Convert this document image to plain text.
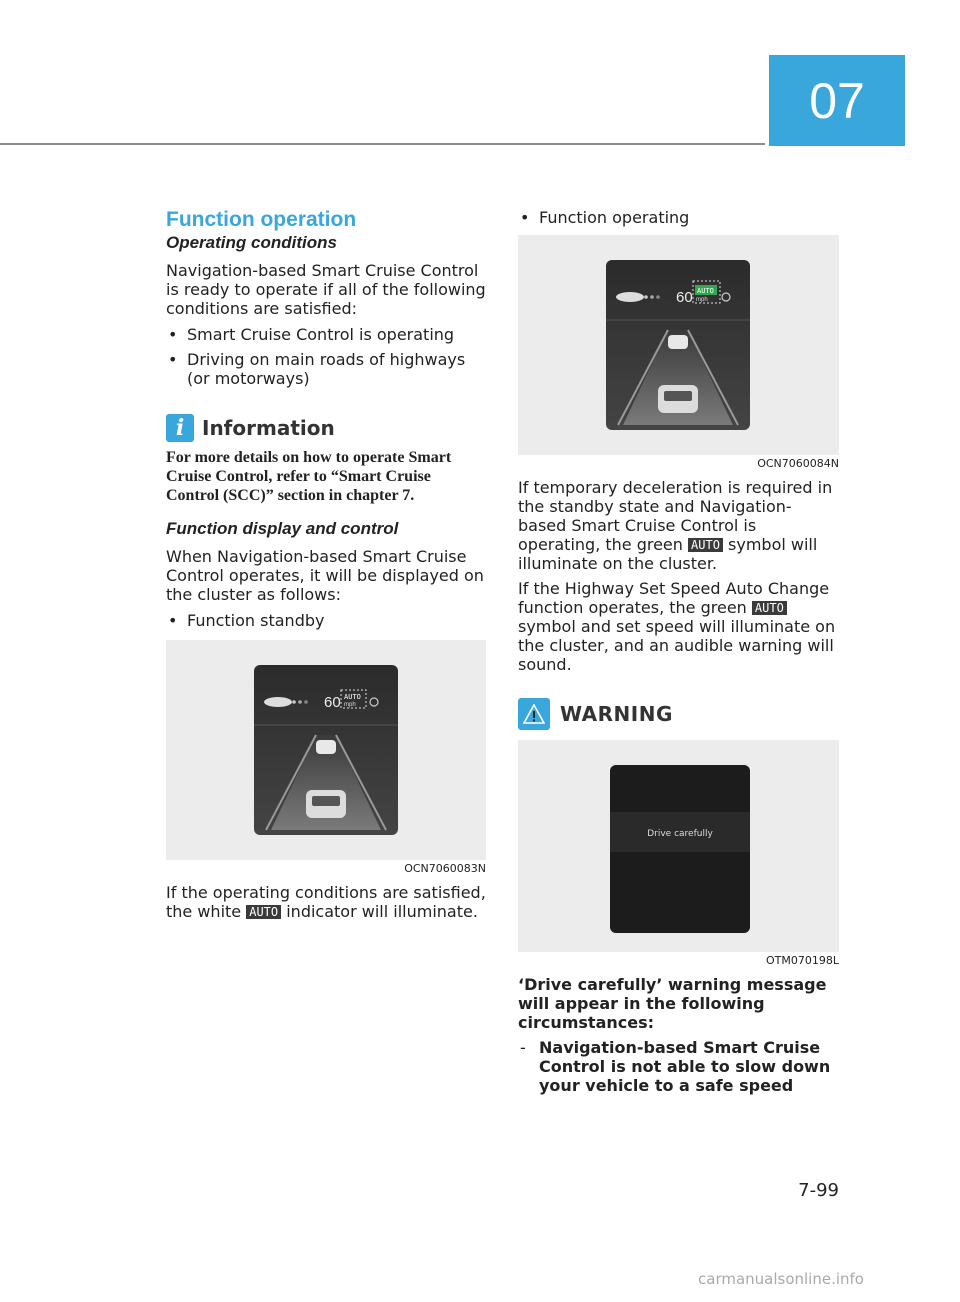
07
Function operation
Operating conditions

Navigation-based Smart Cruise Control is ready to operate if all of the following conditions are satisfied:

• Smart Cruise Control is operating
• Driving on main roads of highways (or motorways)
i Information

For more details on how to operate Smart Cruise Control, refer to “Smart Cruise Control (SCC)” section in chapter 7.

Function display and control

When Navigation-based Smart Cruise Control operates, it will be displayed on the cluster as follows:

• Function standby
60 AUTO
mph
OCN7060083N

If the operating conditions are satisfied, the white AUTO indicator will illuminate.

• Function operating
60 AUTO
mph
OCN7060084N

If temporary deceleration is required in the standby state and Navigation-based Smart Cruise Control is operating, the green AUTO symbol will illuminate on the cluster.

If the Highway Set Speed Auto Change function operates, the green AUTO symbol and set speed will illuminate on the cluster, and an audible warning will sound.

WARNING
Drive carefully
OTM070198L

‘Drive carefully’ warning message will appear in the following circumstances:

- Navigation-based Smart Cruise Control is not able to slow down your vehicle to a safe speed
7-99
carmanualsonline.info
